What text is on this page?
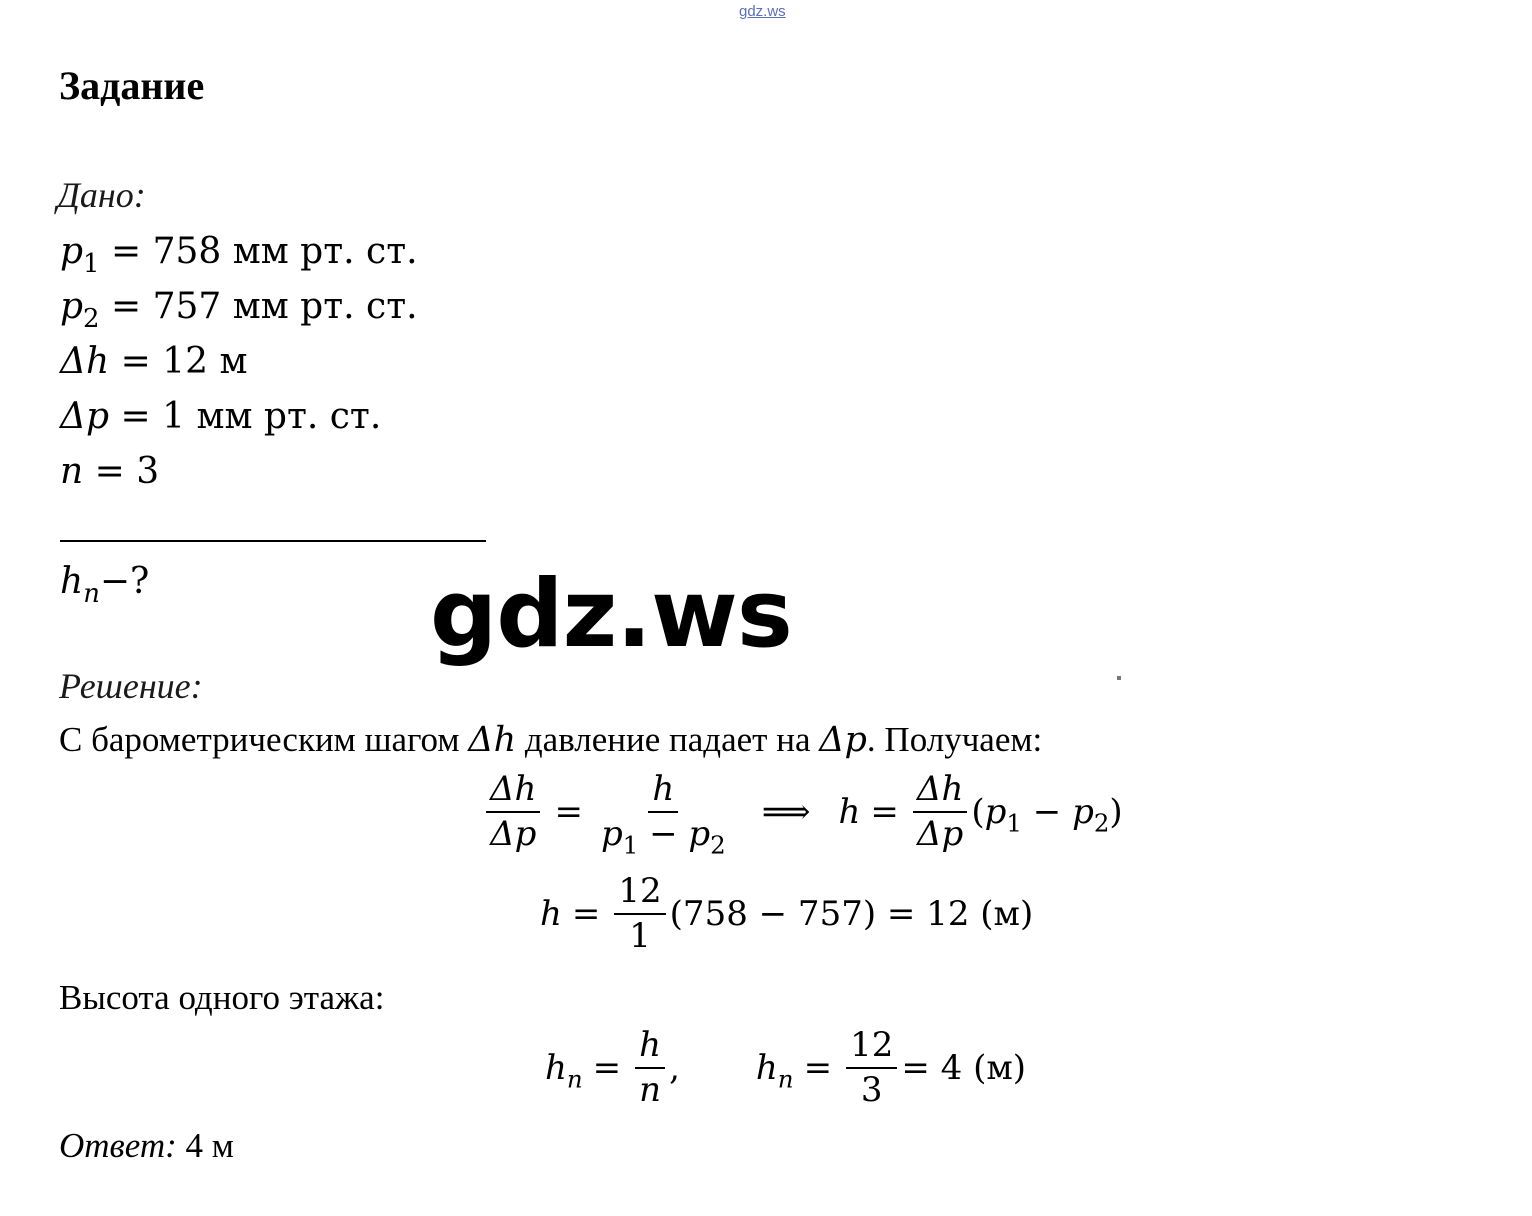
gdz.ws
Задание
Дано:
$p_1 = 758$ мм рт. ст.
$p_2 = 757$ мм рт. ст.
Δh = 12 м
Δp = 1 мм рт. ст.
n = 3
$h_n-$?	gdz.ws
Решение:
С барометрическим шагом Δh давление падает на Δp. Получаем:
$\frac{\Delta h}{\Delta p} = \frac{h}{p_1 - p_2}$ ⟹ $h = \frac{\Delta h}{\Delta p} (p_1 - p_2)$
$h = \frac{12}{1} (758 - 757) = 12$ (м)
Высота одного этажа:
$h_n = \frac{h}{n}$ , $h_n = \frac{12}{3} = 4$ (м)
Ответ: 4 м
